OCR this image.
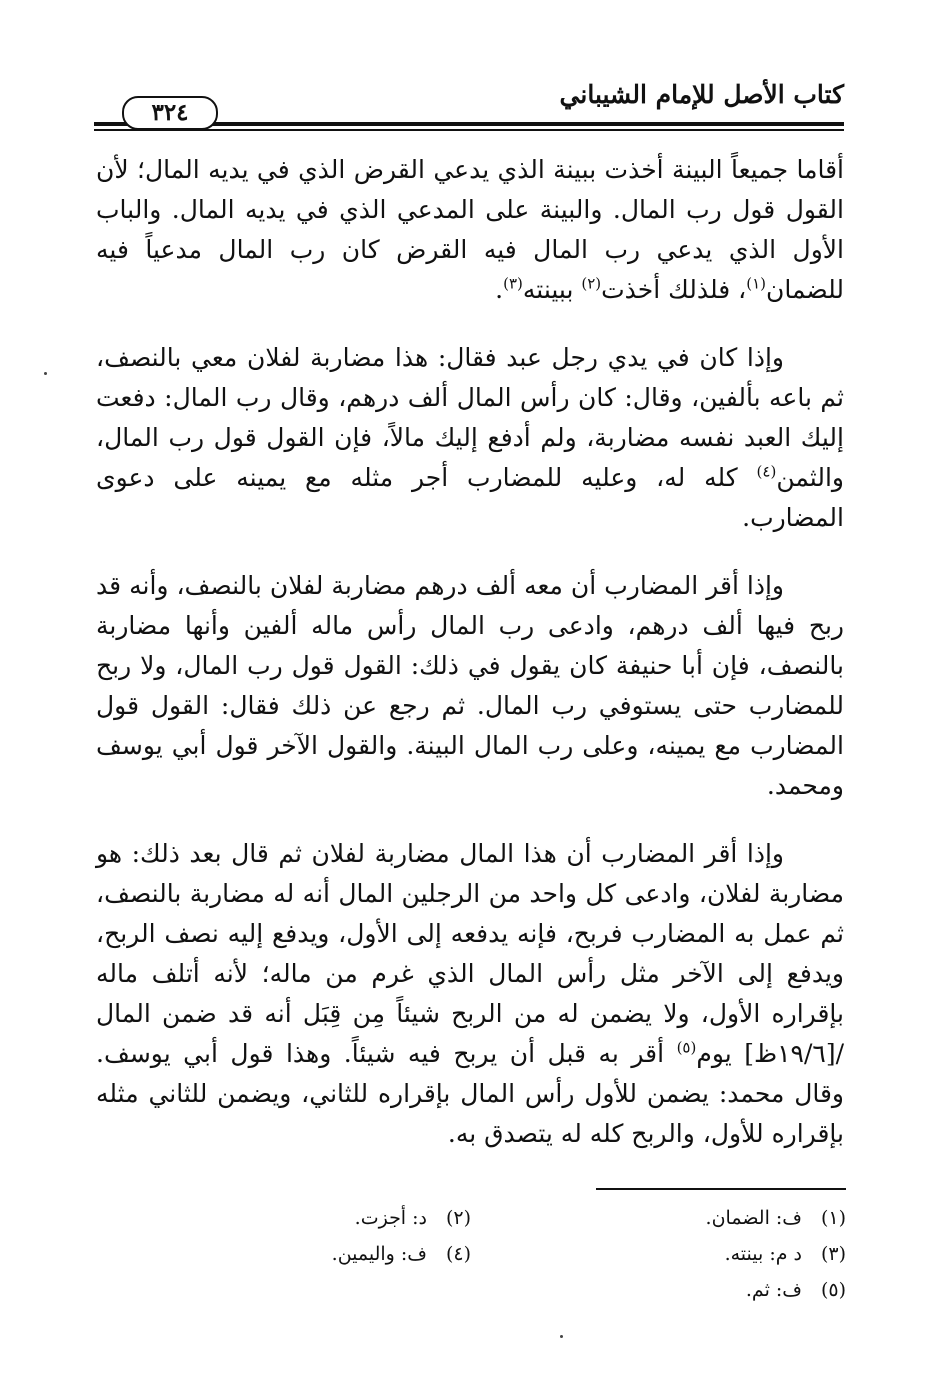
كتاب الأصل للإمام الشيباني
٣٢٤

أقاما جميعاً البينة أخذت ببينة الذي يدعي القرض الذي في يديه المال؛ لأن القول قول رب المال. والبينة على المدعي الذي في يديه المال. والباب الأول الذي يدعي رب المال فيه القرض كان رب المال مدعياً فيه للضمان$^{(١)}$، فلذلك أخذت$^{(٢)}$ ببينته$^{(٣)}$.

وإذا كان في يدي رجل عبد فقال: هذا مضاربة لفلان معي بالنصف، ثم باعه بألفين، وقال: كان رأس المال ألف درهم، وقال رب المال: دفعت إليك العبد نفسه مضاربة، ولم أدفع إليك مالاً، فإن القول قول رب المال، والثمن$^{(٤)}$ كله له، وعليه للمضارب أجر مثله مع يمينه على دعوى المضارب.

وإذا أقر المضارب أن معه ألف درهم مضاربة لفلان بالنصف، وأنه قد ربح فيها ألف درهم، وادعى رب المال رأس ماله ألفين وأنها مضاربة بالنصف، فإن أبا حنيفة كان يقول في ذلك: القول قول رب المال، ولا ربح للمضارب حتى يستوفي رب المال. ثم رجع عن ذلك فقال: القول قول المضارب مع يمينه، وعلى رب المال البينة. والقول الآخر قول أبي يوسف ومحمد.

وإذا أقر المضارب أن هذا المال مضاربة لفلان ثم قال بعد ذلك: هو مضاربة لفلان، وادعى كل واحد من الرجلين المال أنه له مضاربة بالنصف، ثم عمل به المضارب فربح، فإنه يدفعه إلى الأول، ويدفع إليه نصف الربح، ويدفع إلى الآخر مثل رأس المال الذي غرم من ماله؛ لأنه أتلف ماله بإقراره الأول، ولا يضمن له من الربح شيئاً مِن قِبَل أنه قد ضمن المال /[١٩/٦ظ] يوم$^{(٥)}$ أقر به قبل أن يربح فيه شيئاً. وهذا قول أبي يوسف. وقال محمد: يضمن للأول رأس المال بإقراره للثاني، ويضمن للثاني مثله بإقراره للأول، والربح كله له يتصدق به.

(١)ف: الضمان.
(٢)د: أجزت.
(٣)د م: بينته.
(٤)ف: واليمين.
(٥)ف: ثم.
